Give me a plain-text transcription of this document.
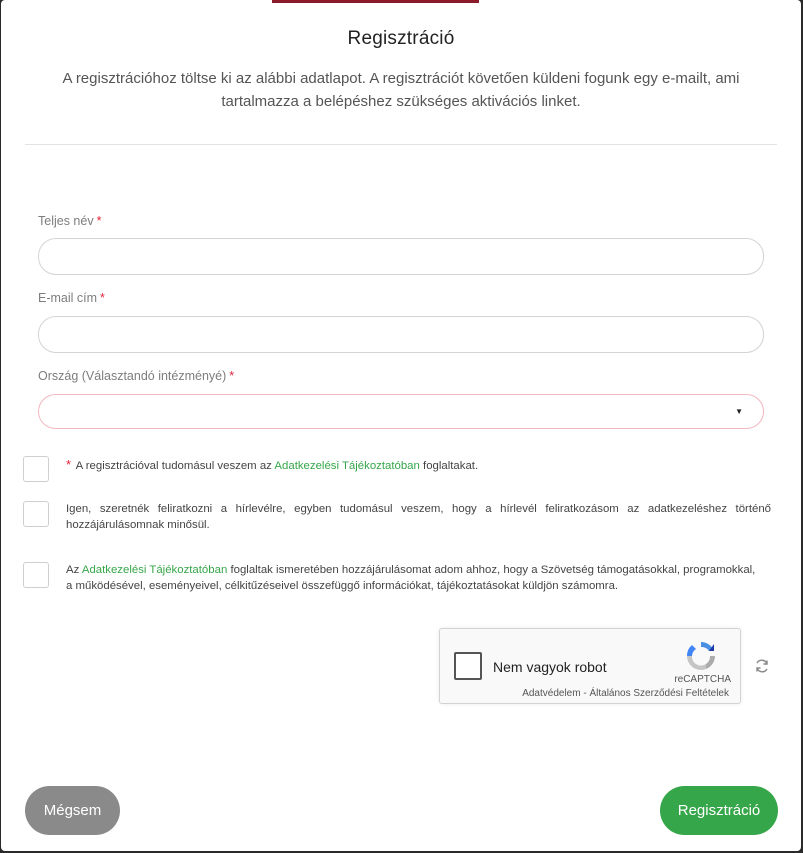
Regisztráció

A regisztrációhoz töltse ki az alábbi adatlapot. A regisztrációt követően küldeni fogunk egy e-mailt, ami tartalmazza a belépéshez szükséges aktivációs linket.

Teljes név *
E-mail cím *
Ország (Választandó intézményé) *
▼
* A regisztrációval tudomásul veszem az Adatkezelési Tájékoztatóban foglaltakat.
Igen, szeretnék feliratkozni a hírlevélre, egyben tudomásul veszem, hogy a hírlevél feliratkozásom az adatkezeléshez történő hozzájárulásomnak minősül.
Az Adatkezelési Tájékoztatóban foglaltak ismeretében hozzájárulásomat adom ahhoz, hogy a Szövetség támogatásokkal, programokkal,
a működésével, eseményeivel, célkitűzéseivel összefüggő információkat, tájékoztatásokat küldjön számomra.
Nem vagyok robot
reCAPTCHA
Adatvédelem - Általános Szerződési Feltételek
Mégsem	Regisztráció
